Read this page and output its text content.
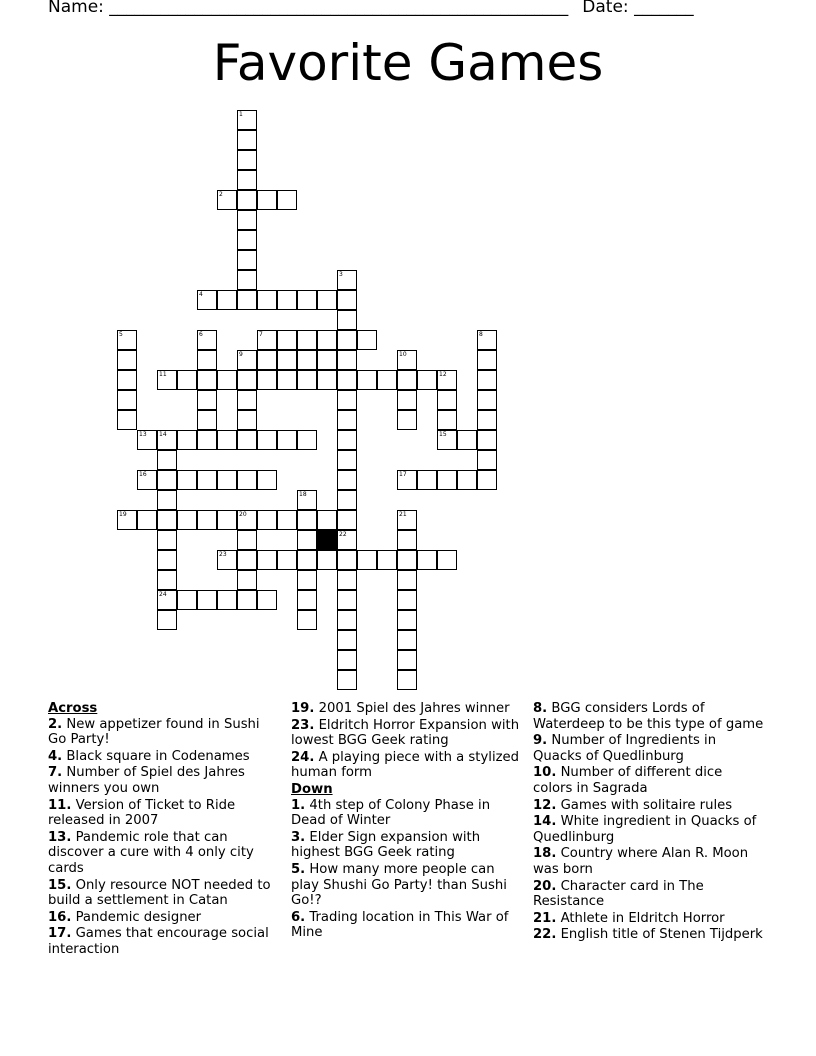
Name: ______________________________________________________ Date: _______
Favorite Games
1
2
3
4
5	6	7	8
9	10
11	12
13 14	15
16	17
18
19	20	21
22
23
24
Across
2. New appetizer found in Sushi Go Party!
4. Black square in Codenames
7. Number of Spiel des Jahres winners you own
11. Version of Ticket to Ride released in 2007
13. Pandemic role that can discover a cure with 4 only city cards
15. Only resource NOT needed to build a settlement in Catan
16. Pandemic designer
17. Games that encourage social interaction
19. 2001 Spiel des Jahres winner
23. Eldritch Horror Expansion with lowest BGG Geek rating
24. A playing piece with a stylized human form
Down
1. 4th step of Colony Phase in Dead of Winter
3. Elder Sign expansion with highest BGG Geek rating
5. How many more people can play Shushi Go Party! than Sushi Go!?
6. Trading location in This War of Mine
8. BGG considers Lords of Waterdeep to be this type of game
9. Number of Ingredients in Quacks of Quedlinburg
10. Number of different dice colors in Sagrada
12. Games with solitaire rules
14. White ingredient in Quacks of Quedlinburg
18. Country where Alan R. Moon was born
20. Character card in The Resistance
21. Athlete in Eldritch Horror
22. English title of Stenen Tijdperk
